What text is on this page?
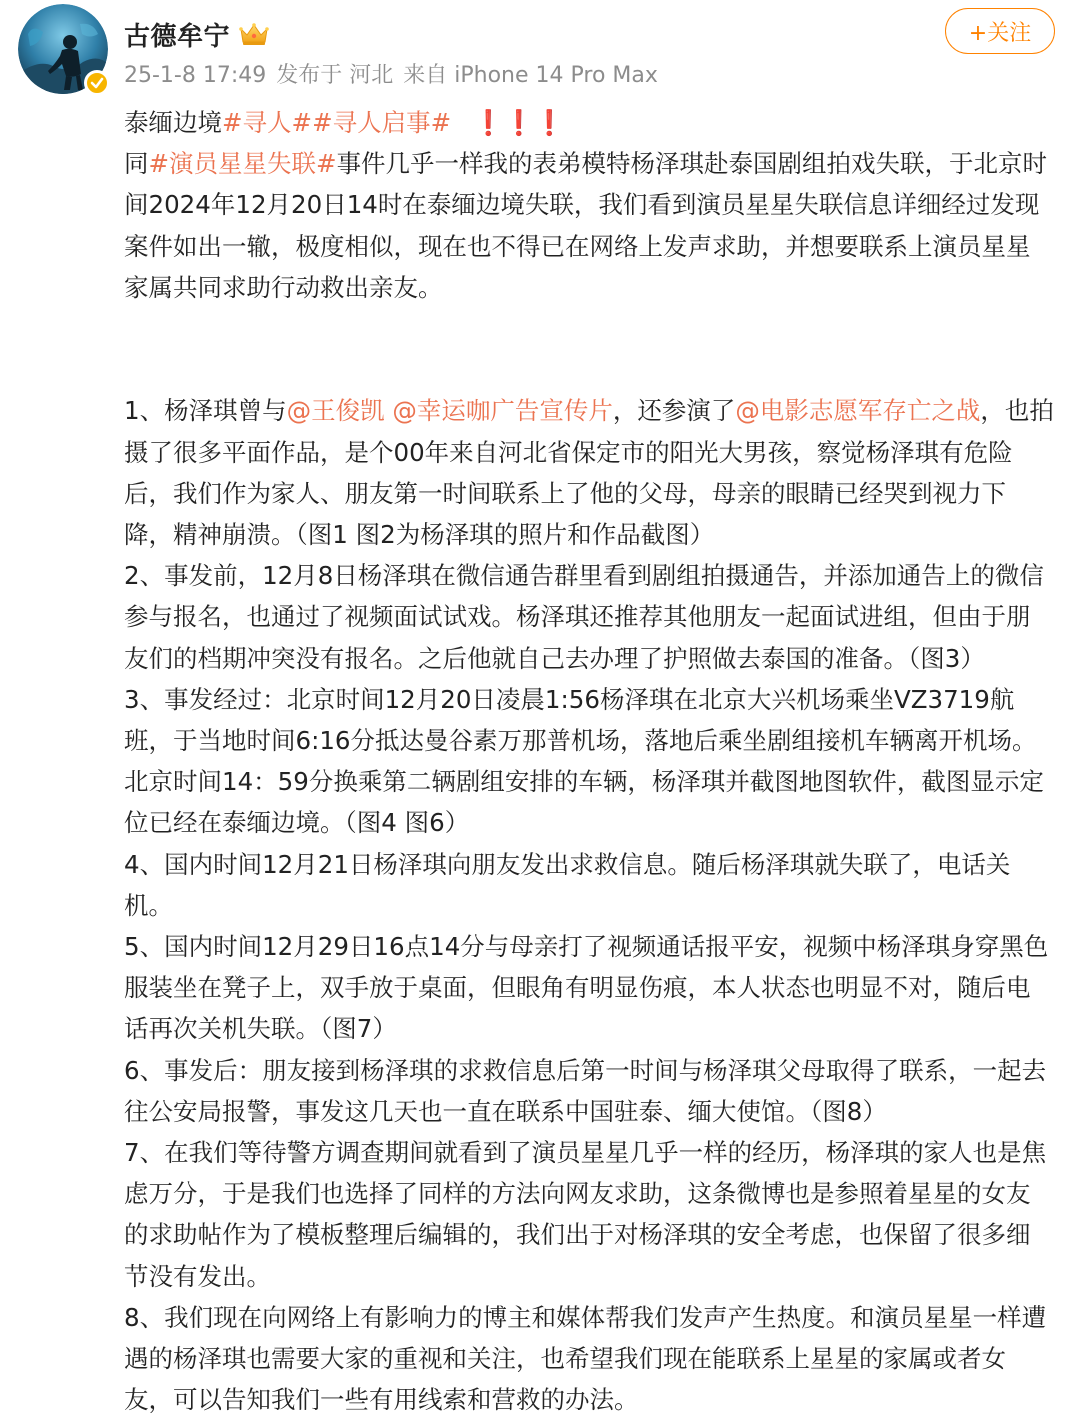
古德牟宁
25-1-8 17:49 发布于 河北 来自 iPhone 14 Pro Max
+关注

泰缅边境#寻人##寻人启事# ❗❗❗

同#演员星星失联#事件几乎一样我的表弟模特杨泽琪赴泰国剧组拍戏失联，于北京时间2024年12月20日14时在泰缅边境失联，我们看到演员星星失联信息详细经过发现案件如出一辙，极度相似，现在也不得已在网络上发声求助，并想要联系上演员星星家属共同求助行动救出亲友。

1、杨泽琪曾与@王俊凯 @幸运咖广告宣传片，还参演了@电影志愿军存亡之战，也拍摄了很多平面作品，是个00年来自河北省保定市的阳光大男孩，察觉杨泽琪有危险后，我们作为家人、朋友第一时间联系上了他的父母，母亲的眼睛已经哭到视力下降，精神崩溃。（图1 图2为杨泽琪的照片和作品截图）

2、事发前，12月8日杨泽琪在微信通告群里看到剧组拍摄通告，并添加通告上的微信参与报名，也通过了视频面试试戏。杨泽琪还推荐其他朋友一起面试进组，但由于朋友们的档期冲突没有报名。之后他就自己去办理了护照做去泰国的准备。（图3）

3、事发经过：北京时间12月20日凌晨1:56杨泽琪在北京大兴机场乘坐VZ3719航班，于当地时间6:16分抵达曼谷素万那普机场，落地后乘坐剧组接机车辆离开机场。北京时间14：59分换乘第二辆剧组安排的车辆，杨泽琪并截图地图软件，截图显示定位已经在泰缅边境。（图4 图6）

4、国内时间12月21日杨泽琪向朋友发出求救信息。随后杨泽琪就失联了，电话关机。

5、国内时间12月29日16点14分与母亲打了视频通话报平安，视频中杨泽琪身穿黑色服装坐在凳子上，双手放于桌面，但眼角有明显伤痕，本人状态也明显不对，随后电话再次关机失联。（图7）

6、事发后：朋友接到杨泽琪的求救信息后第一时间与杨泽琪父母取得了联系，一起去往公安局报警，事发这几天也一直在联系中国驻泰、缅大使馆。（图8）

7、在我们等待警方调查期间就看到了演员星星几乎一样的经历，杨泽琪的家人也是焦虑万分，于是我们也选择了同样的方法向网友求助，这条微博也是参照着星星的女友的求助帖作为了模板整理后编辑的，我们出于对杨泽琪的安全考虑，也保留了很多细节没有发出。

8、我们现在向网络上有影响力的博主和媒体帮我们发声产生热度。和演员星星一样遭遇的杨泽琪也需要大家的重视和关注，也希望我们现在能联系上星星的家属或者女友，可以告知我们一些有用线索和营救的办法。
